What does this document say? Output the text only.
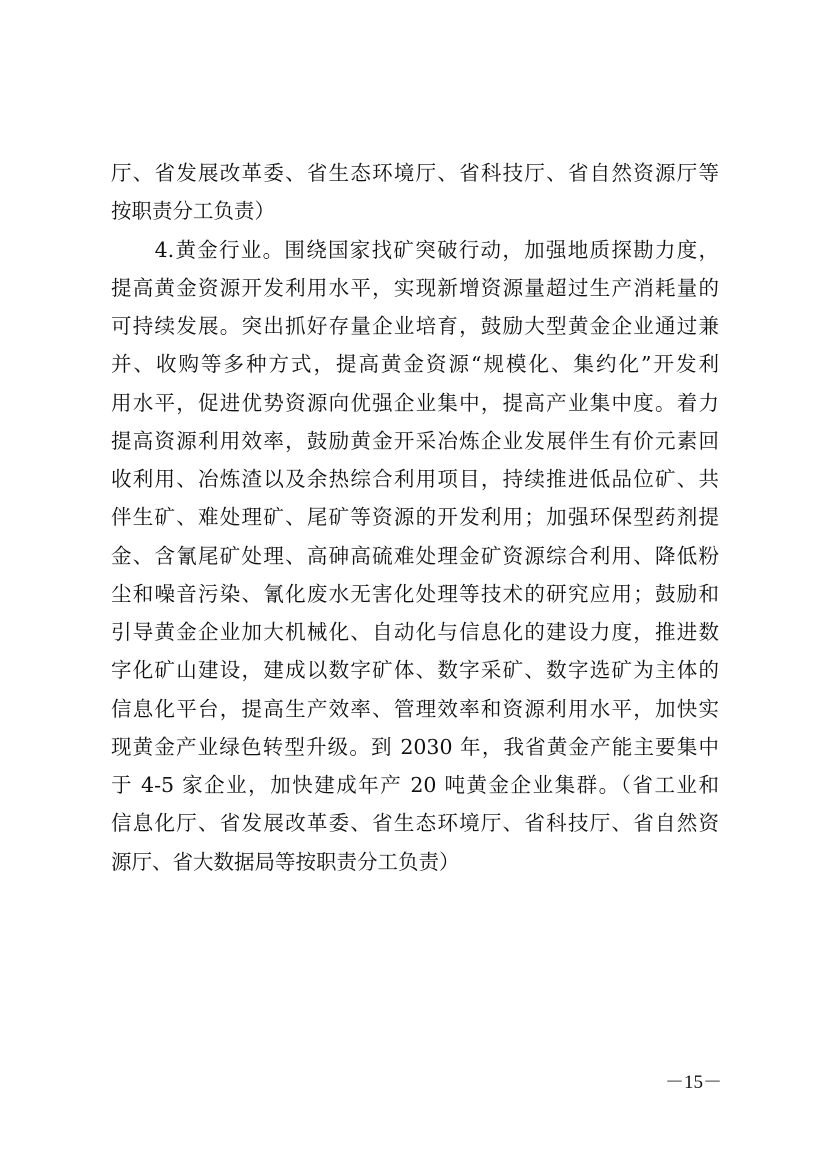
厅、省发展改革委、省生态环境厅、省科技厅、省自然资源厅等
按职责分工负责）
　　4.黄金行业。围绕国家找矿突破行动，加强地质探勘力度，
提高黄金资源开发利用水平，实现新增资源量超过生产消耗量的
可持续发展。突出抓好存量企业培育，鼓励大型黄金企业通过兼
并、收购等多种方式，提高黄金资源“规模化、集约化”开发利
用水平，促进优势资源向优强企业集中，提高产业集中度。着力
提高资源利用效率，鼓励黄金开采冶炼企业发展伴生有价元素回
收利用、冶炼渣以及余热综合利用项目，持续推进低品位矿、共
伴生矿、难处理矿、尾矿等资源的开发利用；加强环保型药剂提
金、含氰尾矿处理、高砷高硫难处理金矿资源综合利用、降低粉
尘和噪音污染、氰化废水无害化处理等技术的研究应用；鼓励和
引导黄金企业加大机械化、自动化与信息化的建设力度，推进数
字化矿山建设，建成以数字矿体、数字采矿、数字选矿为主体的
信息化平台，提高生产效率、管理效率和资源利用水平，加快实
现黄金产业绿色转型升级。到 2030 年，我省黄金产能主要集中
于 4-5 家企业，加快建成年产 20 吨黄金企业集群。（省工业和
信息化厅、省发展改革委、省生态环境厅、省科技厅、省自然资
源厅、省大数据局等按职责分工负责）
－15－
